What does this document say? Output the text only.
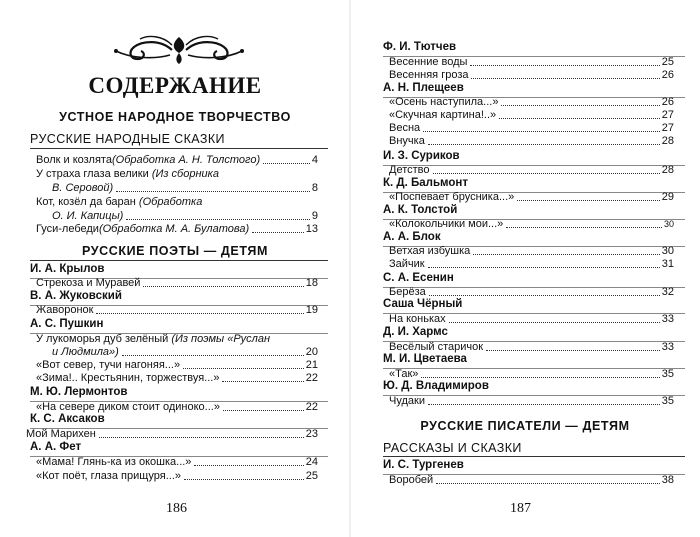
СОДЕРЖАНИЕ
УСТНОЕ НАРОДНОЕ ТВОРЧЕСТВО
РУССКИЕ НАРОДНЫЕ СКАЗКИ
Волк и козлята (Обработка А. Н. Толстого)	4
У страха глаза велики (Из сборника
В. Серовой)	8
Кот, козёл да баран (Обработка
О. И. Капицы)	9
Гуси-лебеди (Обработка М. А. Булатова)	13
РУССКИЕ ПОЭТЫ — ДЕТЯМ
И. А. Крылов
Стрекоза и Муравей	18
В. А. Жуковский
Жаворонок	19
А. С. Пушкин
У лукоморья дуб зелёный (Из поэмы «Руслан
и Людмила»)	20
«Вот север, тучи нагоняя...»	21
«Зима!.. Крестьянин, торжествуя...»	22
М. Ю. Лермонтов
«На севере диком стоит одиноко...»	22
К. С. Аксаков
Мой Марихен	23
А. А. Фет
«Мама! Глянь-ка из окошка...»	24
«Кот поёт, глаза прищуря...»	25
186
Ф. И. Тютчев
Весенние воды	25
Весенняя гроза	26
А. Н. Плещеев
«Осень наступила...»	26
«Скучная картина!..»	27
Весна	27
Внучка	28
И. З. Суриков
Детство	28
К. Д. Бальмонт
«Поспевает брусника...»	29
А. К. Толстой
«Колокольчики мои...»	30
А. А. Блок
Ветхая избушка	30
Зайчик	31
С. А. Есенин
Берёза	32
Саша Чёрный
На коньках	33
Д. И. Хармс
Весёлый старичок	33
М. И. Цветаева
«Так»	35
Ю. Д. Владимиров
Чудаки	35
РУССКИЕ ПИСАТЕЛИ — ДЕТЯМ
РАССКАЗЫ И СКАЗКИ
И. С. Тургенев
Воробей	38
187
